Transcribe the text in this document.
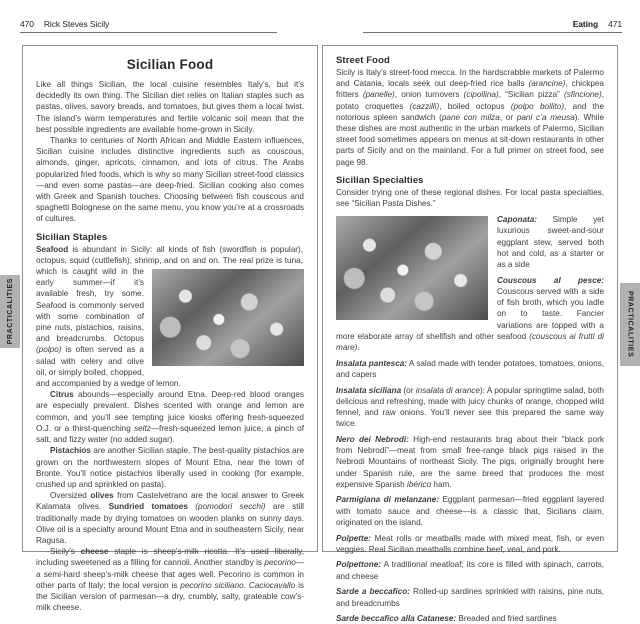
470 Rick Steves Sicily	Eating 471
Sicilian Food

Like all things Sicilian, the local cuisine resembles Italy’s, but it’s decidedly its own thing. The Sicilian diet relies on Italian staples such as pastas, olives, savory breads, and tomatoes, but gives them a local twist. The island’s warm temperatures and fertile volcanic soil mean that the best possible ingredients are available home-grown in Sicily.

Thanks to centuries of North African and Middle Eastern influences, Sicilian cuisine includes distinctive ingredients such as couscous, almonds, ginger, apricots, cinnamon, and lots of citrus. The Arabs popularized fried foods, which is why so many Sicilian street-food classics—and even some pastas—are deep-fried. Sicilian cooking also comes with Greek and Spanish touches. Choosing between fish couscous and spaghetti Bolognese on the same menu, you know you’re at a crossroads of cultures.

Sicilian Staples

Seafood is abundant in Sicily: all kinds of fish (swordfish is popular), octopus, squid (cuttlefish), shrimp, and on and on. The real prize is tuna, which is caught wild in the early summer—if it’s available fresh, try some. Seafood is commonly served with some combination of pine nuts, pistachios, raisins, and breadcrumbs. Octopus (polpo) is often served as a salad with celery and olive oil, or simply boiled, chopped, and accompanied by a wedge of lemon.

Citrus abounds—especially around Etna. Deep-red blood oranges are especially prevalent. Dishes scented with orange and lemon are common, and you’ll see tempting juice kiosks offering fresh-squeezed O.J. or a thirst-quenching seltz—fresh-squeezed lemon juice, a pinch of salt, and fizzy water (no added sugar).

Pistachios are another Sicilian staple. The best-quality pistachios are grown on the northwestern slopes of Mount Etna, near the town of Bronte. You’ll notice pistachios liberally used in cooking (for example, crushed up and sprinkled on pasta).

Oversized olives from Castelvetrano are the local answer to Greek Kalamata olives. Sundried tomatoes (pomodori secchi) are still traditionally made by drying tomatoes on wooden planks on sunny days. Olive oil is a specialty around Mount Etna and in southeastern Sicily, near Ragusa.

Sicily’s cheese staple is sheep’s-milk ricotta. It’s used liberally, including sweetened as a filling for cannoli. Another standby is pecorino—a semi-hard sheep’s-milk cheese that ages well. Pecorino is common in other parts of Italy; the local version is pecorino siciliano. Caciocavallo is the Sicilian version of parmesan—a dry, crumbly, salty, grateable cow’s-milk cheese.

Street Food

Sicily is Italy’s street-food mecca. In the hardscrabble markets of Palermo and Catania, locals seek out deep-fried rice balls (arancine), chickpea fritters (panelle), onion turnovers (cipollina), “Sicilian pizza” (sfincione), potato croquettes (cazzilli), boiled octopus (polpo bollito), and the notorious spleen sandwich (pane con milza, or pani c’a meusa). While these dishes are most authentic in the urban markets of Palermo, Sicilian street food sometimes appears on menus at sit-down restaurants in other parts of Sicily and on the mainland. For a full primer on street food, see page 98.

Sicilian Specialties

Consider trying one of these regional dishes. For local pasta specialties, see “Sicilian Pasta Dishes.”

Caponata: Simple yet luxurious sweet-and-sour eggplant stew, served both hot and cold, as a starter or as a side

Couscous al pesce: Couscous served with a side of fish broth, which you ladle on to taste. Fancier variations are topped with a more elaborate array of shellfish and other seafood (couscous ai frutti di mare).

Insalata pantesca: A salad made with tender potatoes, tomatoes, onions, and capers

Insalata siciliana (or insalata di arance): A popular springtime salad, both delicious and refreshing, made with juicy chunks of orange, chopped wild fennel, and raw onions. You’ll never see this prepared the same way twice.

Nero dei Nebrodi: High-end restaurants brag about their “black pork from Nebrodi”—meat from small free-range black pigs raised in the Nebrodi Mountains of northeast Sicily. The pigs, originally brought here under Spanish rule, are the same breed that produces the most expensive Spanish ibérico ham.

Parmigiana di melanzane: Eggplant parmesan—fried eggplant layered with tomato sauce and cheese—is a classic that, Sicilians claim, originated on the island.

Polpette: Meat rolls or meatballs made with mixed meat, fish, or even veggies. Real Sicilian meatballs combine beef, veal, and pork.

Polpettone: A traditional meatloaf; its core is filled with spinach, carrots, and cheese

Sarde a beccafico: Rolled-up sardines sprinkled with raisins, pine nuts, and breadcrumbs

Sarde beccafico alla Catanese: Breaded and fried sardines

PRACTICALITIES	PRACTICALITIES
